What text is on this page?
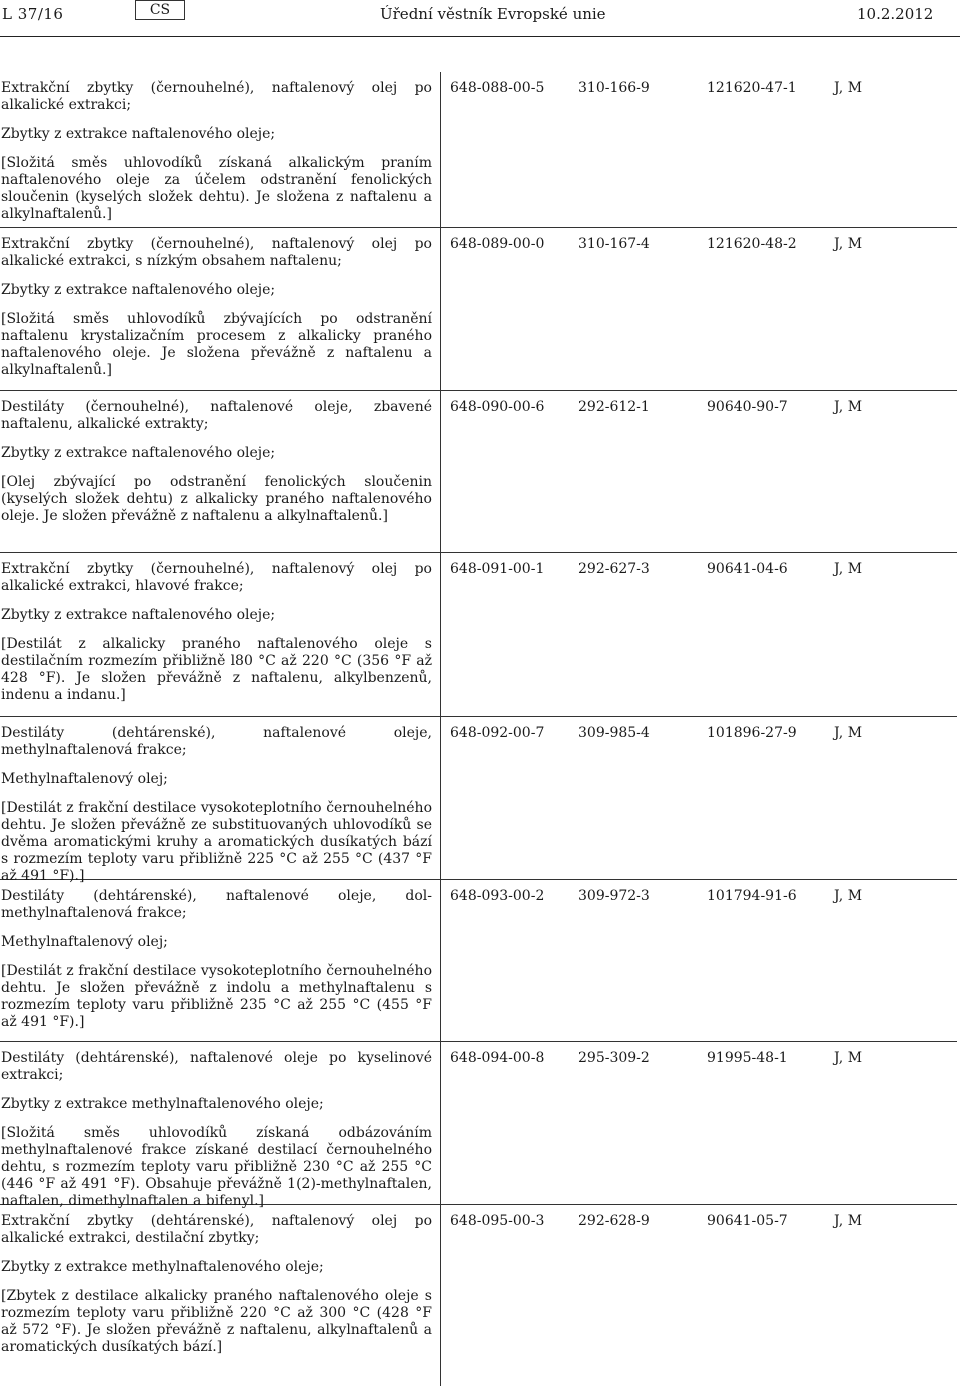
L 37/16	CS	Úřední věstník Evropské unie	10.2.2012

Extrakční zbytky (černouhelné), naftalenový olej po alkalické extrakci;

Zbytky z extrakce naftalenového oleje;

[Složitá směs uhlovodíků získaná alkalickým praním naftalenového oleje za účelem odstranění fenolických sloučenin (kyselých složek dehtu). Je složena z naftalenu a alkylnaftalenů.]

648-088-00-5 310-166-9	121620-47-1	J, M

Extrakční zbytky (černouhelné), naftalenový olej po alkalické extrakci, s nízkým obsahem naftalenu;

Zbytky z extrakce naftalenového oleje;

[Složitá směs uhlovodíků zbývajících po odstranění naftalenu krystalizačním procesem z alkalicky praného naftalenového oleje. Je složena převážně z naftalenu a alkylnaftalenů.]

648-089-00-0 310-167-4	121620-48-2	J, M

Destiláty (černouhelné), naftalenové oleje, zbavené naftalenu, alkalické extrakty;

Zbytky z extrakce naftalenového oleje;

[Olej zbývající po odstranění fenolických sloučenin (kyselých složek dehtu) z alkalicky praného naftalenového oleje. Je složen převážně z naftalenu a alkylnaftalenů.]

648-090-00-6 292-612-1	90640-90-7	J, M

Extrakční zbytky (černouhelné), naftalenový olej po alkalické extrakci, hlavové frakce;

Zbytky z extrakce naftalenového oleje;

[Destilát z alkalicky praného naftalenového oleje s destilačním rozmezím přibližně l80 °C až 220 °C (356 °F až 428 °F). Je složen převážně z naftalenu, alkylbenzenů, indenu a indanu.]

648-091-00-1 292-627-3	90641-04-6	J, M

Destiláty (dehtárenské), naftalenové oleje, methylnaftalenová frakce;

Methylnaftalenový olej;

[Destilát z frakční destilace vysokoteplotního černouhelného dehtu. Je složen převážně ze substituovaných uhlovodíků se dvěma aromatickými kruhy a aromatických dusíkatých bází s rozmezím teploty varu přibližně 225 °C až 255 °C (437 °F až 491 °F).]

648-092-00-7 309-985-4	101896-27-9	J, M

Destiláty (dehtárenské), naftalenové oleje, dol-methylnaftalenová frakce;

Methylnaftalenový olej;

[Destilát z frakční destilace vysokoteplotního černouhelného dehtu. Je složen převážně z indolu a methylnaftalenu s rozmezím teploty varu přibližně 235 °C až 255 °C (455 °F až 491 °F).]

648-093-00-2 309-972-3	101794-91-6	J, M

Destiláty (dehtárenské), naftalenové oleje po kyselinové extrakci;

Zbytky z extrakce methylnaftalenového oleje;

[Složitá směs uhlovodíků získaná odbázováním methylnaftalenové frakce získané destilací černouhelného dehtu, s rozmezím teploty varu přibližně 230 °C až 255 °C (446 °F až 491 °F). Obsahuje převážně 1(2)-methylnaftalen, naftalen, dimethylnaftalen a bifenyl.]

648-094-00-8 295-309-2	91995-48-1	J, M

Extrakční zbytky (dehtárenské), naftalenový olej po alkalické extrakci, destilační zbytky;

Zbytky z extrakce methylnaftalenového oleje;

[Zbytek z destilace alkalicky praného naftalenového oleje s rozmezím teploty varu přibližně 220 °C až 300 °C (428 °F až 572 °F). Je složen převážně z naftalenu, alkylnaftalenů a aromatických dusíkatých bází.]

648-095-00-3 292-628-9	90641-05-7	J, M
